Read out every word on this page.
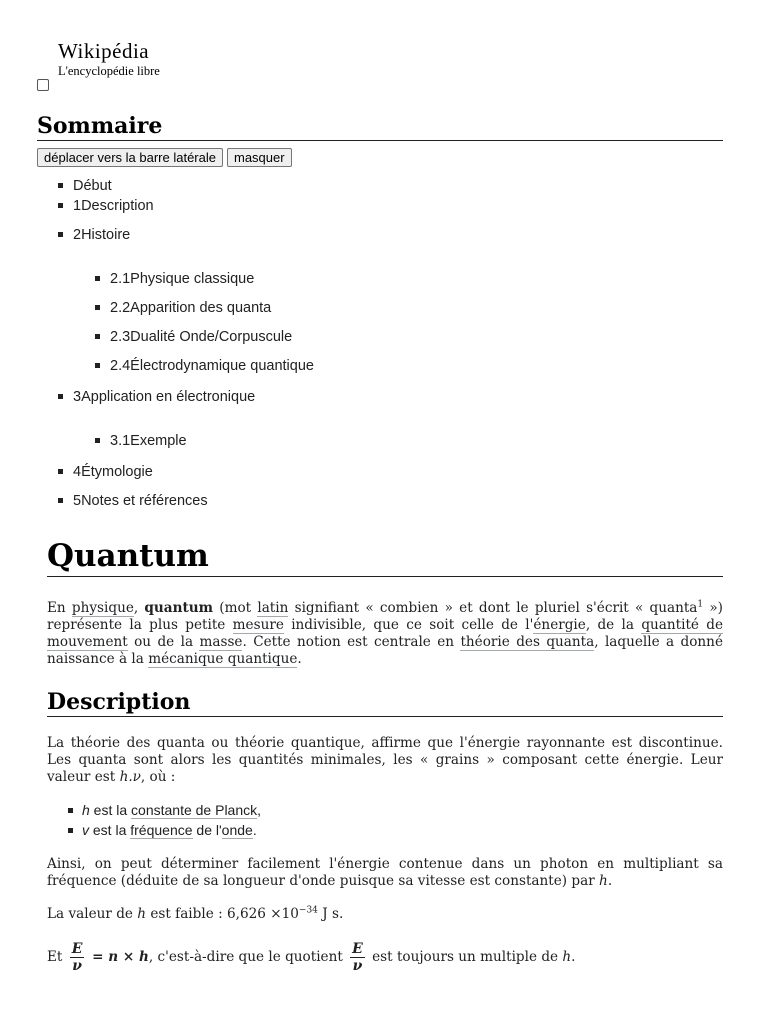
Wikipédia
L'encyclopédie libre
Sommaire
déplacer vers la barre latérale	masquer
Début
1Description
2Histoire
2.1Physique classique
2.2Apparition des quanta
2.3Dualité Onde/Corpuscule
2.4Électrodynamique quantique
3Application en électronique
3.1Exemple
4Étymologie
5Notes et références
Quantum

En physique, quantum (mot latin signifiant « combien » et dont le pluriel s'écrit « quanta$^1$ ») représente la plus petite mesure indivisible, que ce soit celle de l'énergie, de la quantité de mouvement ou de la masse. Cette notion est centrale en théorie des quanta, laquelle a donné naissance à la mécanique quantique.

Description

La théorie des quanta ou théorie quantique, affirme que l'énergie rayonnante est discontinue. Les quanta sont alors les quantités minimales, les « grains » composant cette énergie. Leur valeur est h.ν, où :

h est la constante de Planck,
v est la fréquence de l'onde.

Ainsi, on peut déterminer facilement l'énergie contenue dans un photon en multipliant sa fréquence (déduite de sa longueur d'onde puisque sa vitesse est constante) par h.

La valeur de h est faible : $6,626 \times 10^{-34}$ J s.

Et $\frac{E}{\nu} = n \times h$, c'est-à-dire que le quotient $\frac{E}{\nu}$ est toujours un multiple de h.
